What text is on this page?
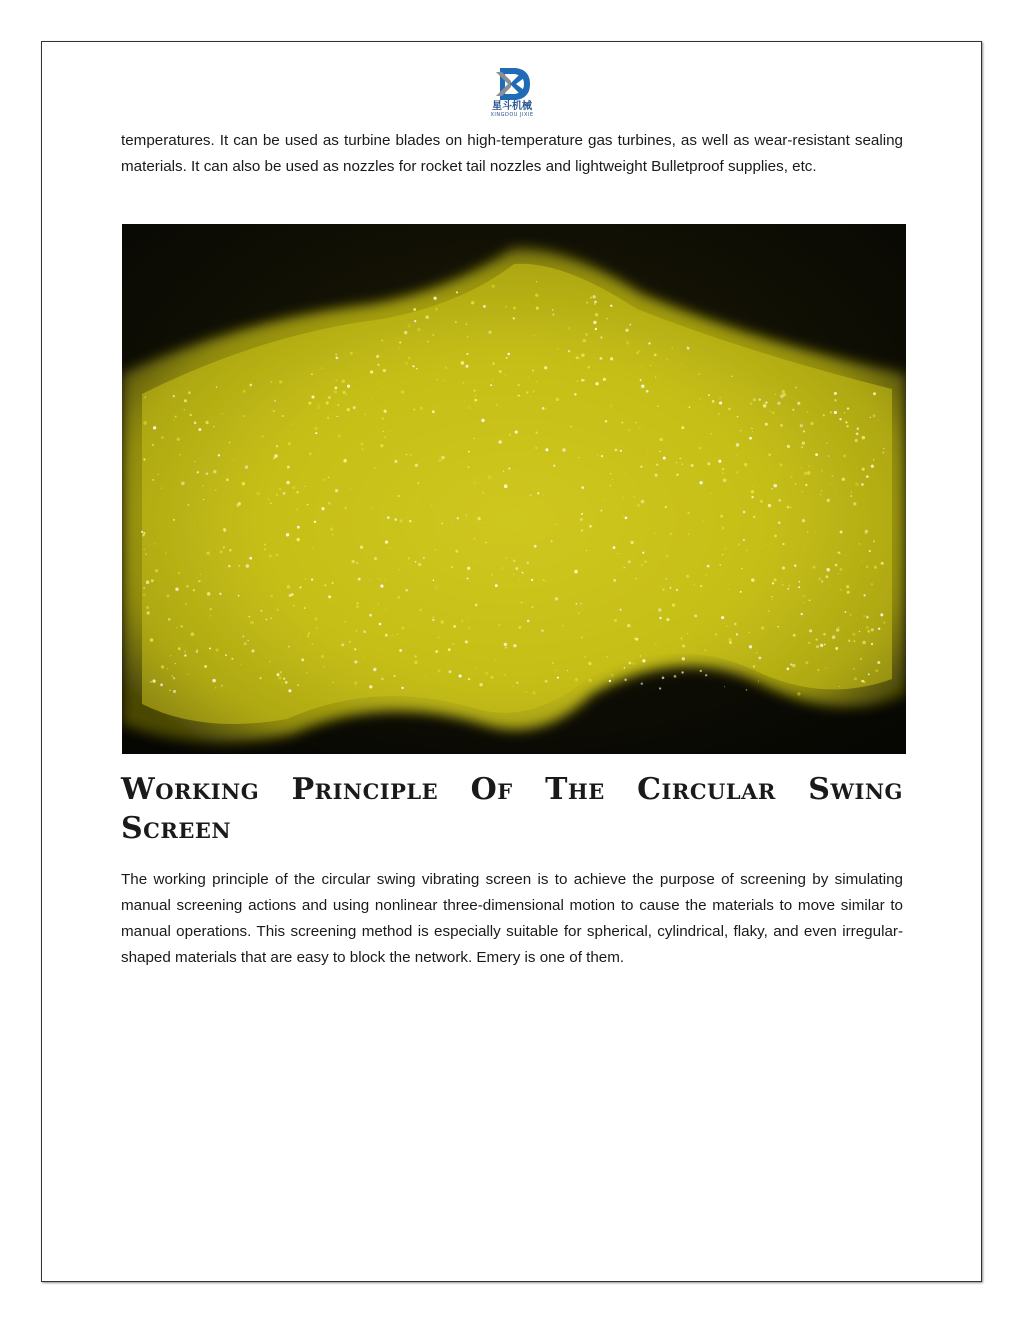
星斗机械
XINGDOU JIXIE
temperatures. It can be used as turbine blades on high-temperature gas turbines, as well as wear-resistant sealing materials. It can also be used as nozzles for rocket tail nozzles and lightweight Bulletproof supplies, etc.
Working Principle Of The Circular Swing
Screen
The working principle of the circular swing vibrating screen is to achieve the purpose of screening by simulating manual screening actions and using nonlinear three-dimensional motion to cause the materials to move similar to manual operations. This screening method is especially suitable for spherical, cylindrical, flaky, and even irregular-shaped materials that are easy to block the network. Emery is one of them.
